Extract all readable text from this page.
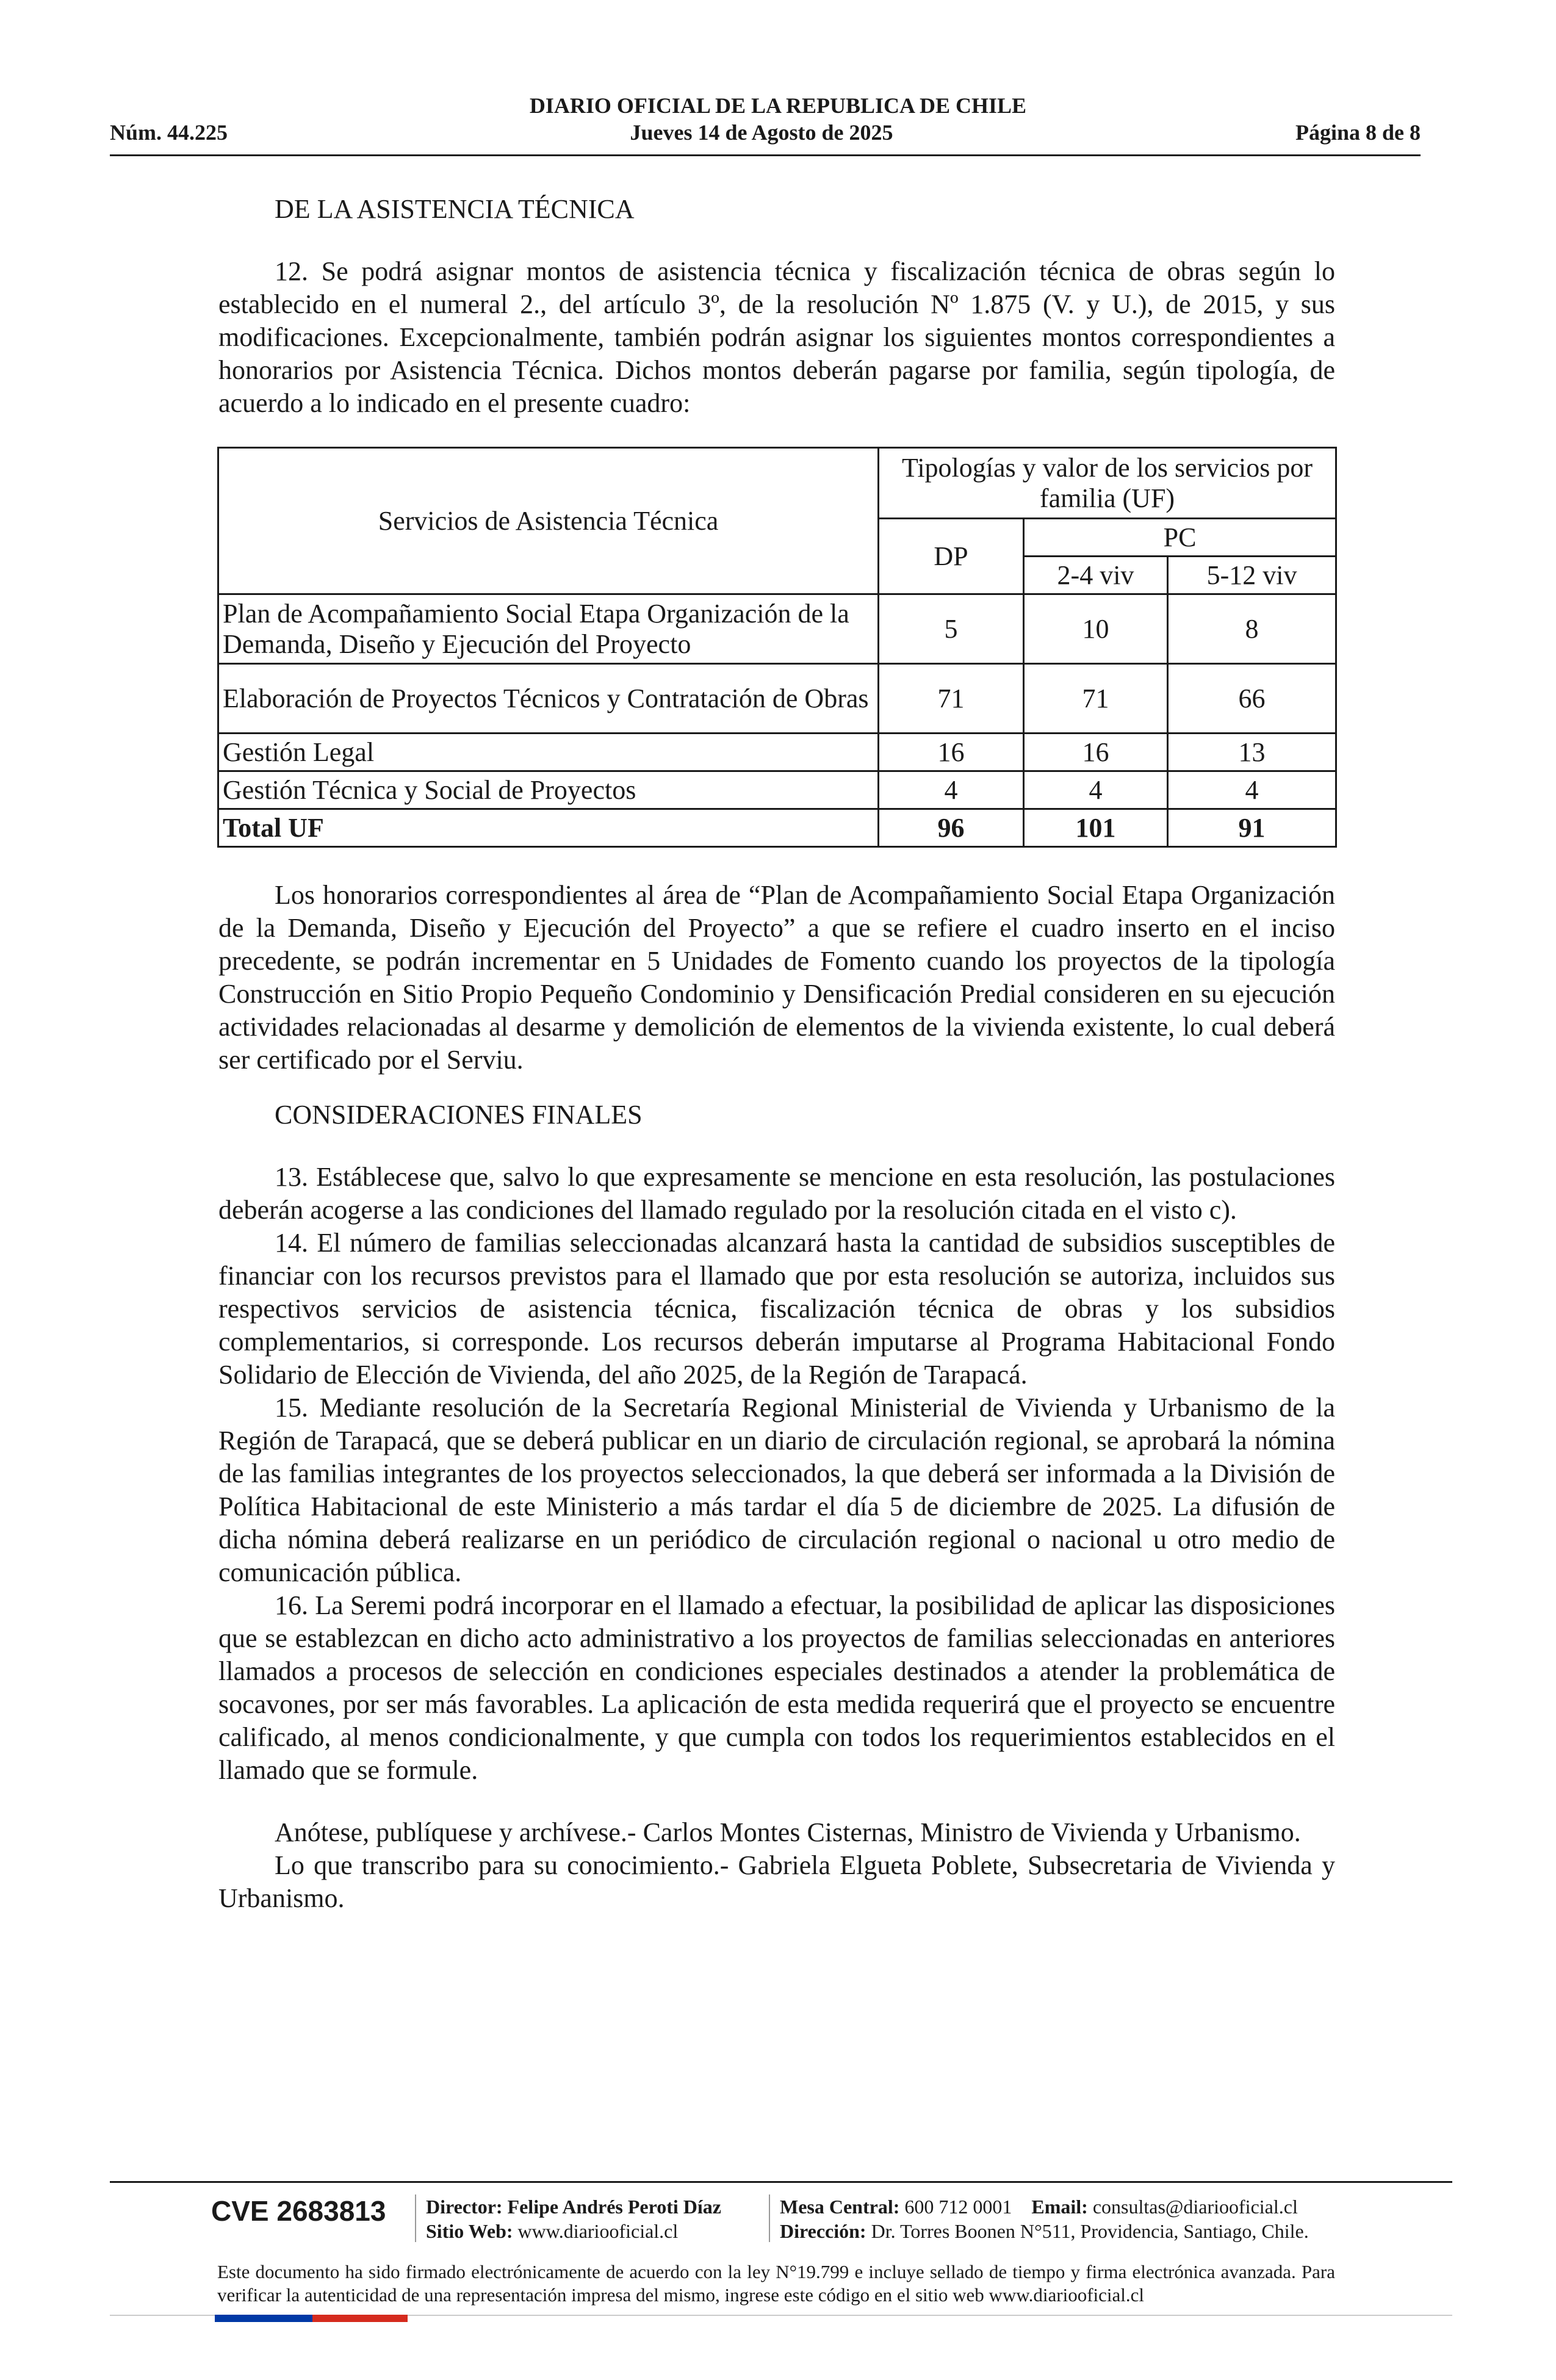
DIARIO OFICIAL DE LA REPUBLICA DE CHILE
Núm. 44.225	Jueves 14 de Agosto de 2025	Página 8 de 8
DE LA ASISTENCIA TÉCNICA

12. Se podrá asignar montos de asistencia técnica y fiscalización técnica de obras según lo establecido en el numeral 2., del artículo 3º, de la resolución Nº 1.875 (V. y U.), de 2015, y sus modificaciones. Excepcionalmente, también podrán asignar los siguientes montos correspondientes a honorarios por Asistencia Técnica. Dichos montos deberán pagarse por familia, según tipología, de acuerdo a lo indicado en el presente cuadro:

Servicios de Asistencia Técnica	Tipologías y valor de los servicios por familia (UF)		
	DP	PC	
		2-4 viv	5-12 viv
Plan de Acompañamiento Social Etapa Organización de la Demanda, Diseño y Ejecución del Proyecto	5	10	8
Elaboración de Proyectos Técnicos y Contratación de Obras	71	71	66
Gestión Legal	16	16	13
Gestión Técnica y Social de Proyectos	4	4	4
Total UF	96	101	91

Los honorarios correspondientes al área de “Plan de Acompañamiento Social Etapa Organización de la Demanda, Diseño y Ejecución del Proyecto” a que se refiere el cuadro inserto en el inciso precedente, se podrán incrementar en 5 Unidades de Fomento cuando los proyectos de la tipología Construcción en Sitio Propio Pequeño Condominio y Densificación Predial consideren en su ejecución actividades relacionadas al desarme y demolición de elementos de la vivienda existente, lo cual deberá ser certificado por el Serviu.

CONSIDERACIONES FINALES

13. Estáblecese que, salvo lo que expresamente se mencione en esta resolución, las postulaciones deberán acogerse a las condiciones del llamado regulado por la resolución citada en el visto c).

14. El número de familias seleccionadas alcanzará hasta la cantidad de subsidios susceptibles de financiar con los recursos previstos para el llamado que por esta resolución se autoriza, incluidos sus respectivos servicios de asistencia técnica, fiscalización técnica de obras y los subsidios complementarios, si corresponde. Los recursos deberán imputarse al Programa Habitacional Fondo Solidario de Elección de Vivienda, del año 2025, de la Región de Tarapacá.

15. Mediante resolución de la Secretaría Regional Ministerial de Vivienda y Urbanismo de la Región de Tarapacá, que se deberá publicar en un diario de circulación regional, se aprobará la nómina de las familias integrantes de los proyectos seleccionados, la que deberá ser informada a la División de Política Habitacional de este Ministerio a más tardar el día 5 de diciembre de 2025. La difusión de dicha nómina deberá realizarse en un periódico de circulación regional o nacional u otro medio de comunicación pública.

16. La Seremi podrá incorporar en el llamado a efectuar, la posibilidad de aplicar las disposiciones que se establezcan en dicho acto administrativo a los proyectos de familias seleccionadas en anteriores llamados a procesos de selección en condiciones especiales destinados a atender la problemática de socavones, por ser más favorables. La aplicación de esta medida requerirá que el proyecto se encuentre calificado, al menos condicionalmente, y que cumpla con todos los requerimientos establecidos en el llamado que se formule.

Anótese, publíquese y archívese.- Carlos Montes Cisternas, Ministro de Vivienda y Urbanismo.

Lo que transcribo para su conocimiento.- Gabriela Elgueta Poblete, Subsecretaria de Vivienda y Urbanismo.

CVE 2683813 Director: Felipe Andrés Peroti Díaz
Sitio Web: www.diariooficial.cl
Mesa Central: 600 712 0001 Email: consultas@diariooficial.cl
Dirección: Dr. Torres Boonen N°511, Providencia, Santiago, Chile.
Este documento ha sido firmado electrónicamente de acuerdo con la ley N°19.799 e incluye sellado de tiempo y firma electrónica avanzada. Para verificar la autenticidad de una representación impresa del mismo, ingrese este código en el sitio web www.diariooficial.cl
